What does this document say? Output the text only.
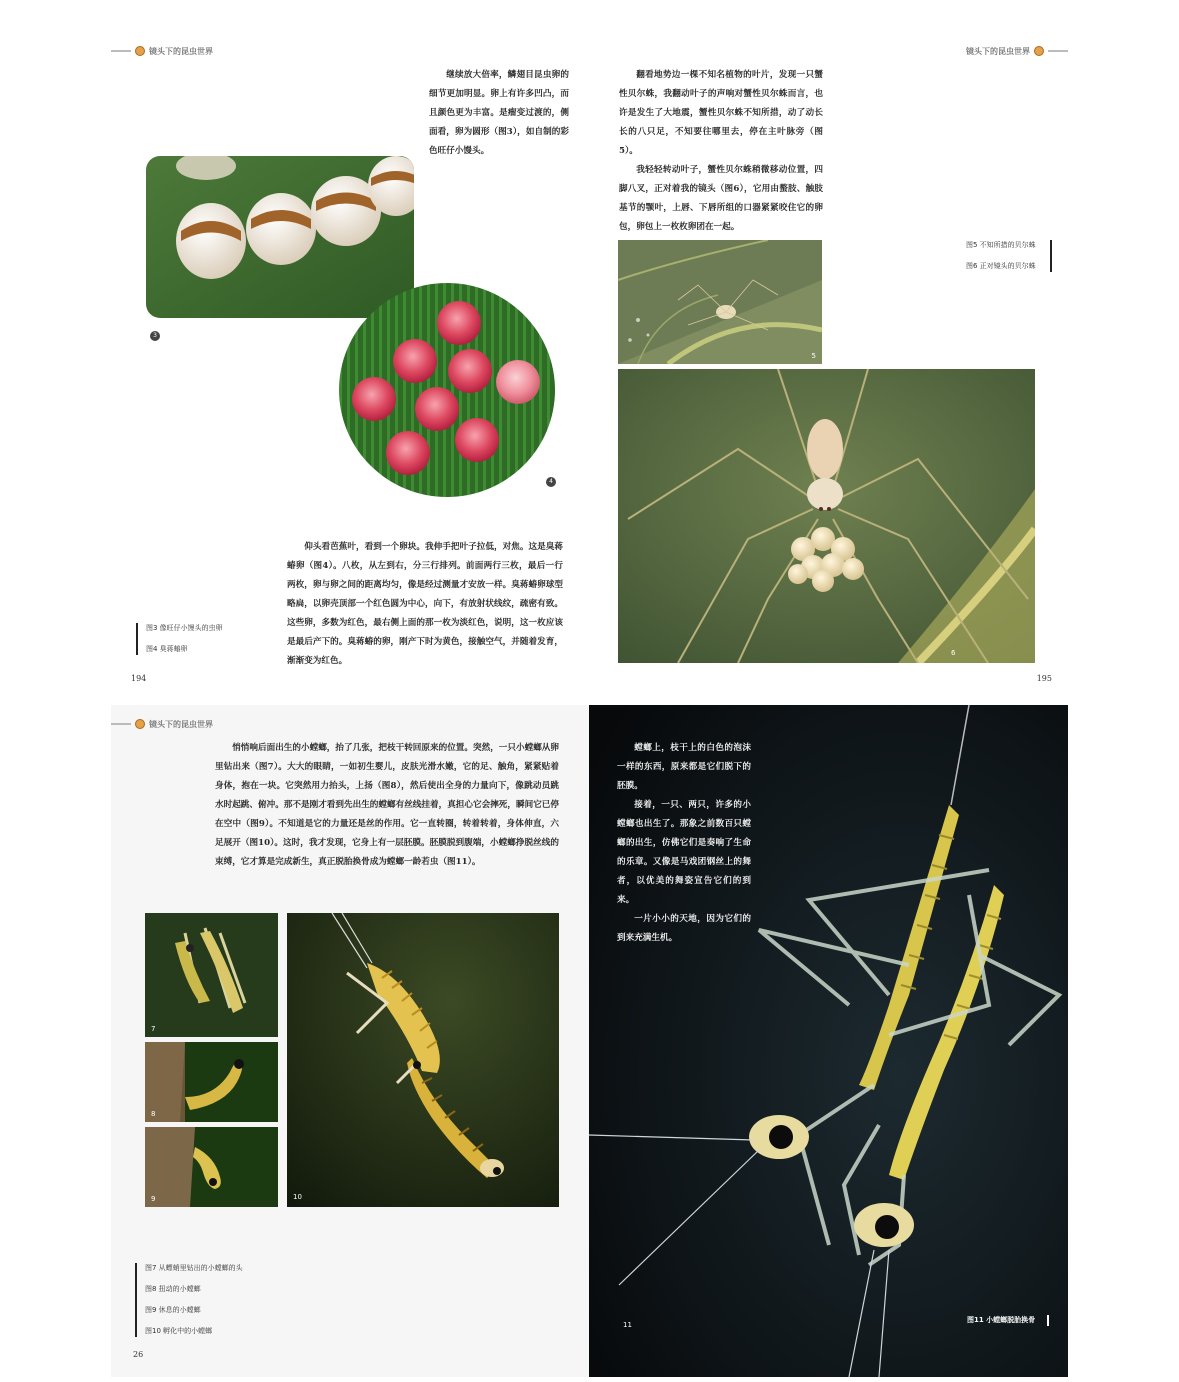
镜头下的昆虫世界	镜头下的昆虫世界

继续放大倍率，鳞翅目昆虫卵的细节更加明显。卵上有许多凹凸，而且颜色更为丰富。是瘤变过渡的，侧面看，卵为圆形（图3），如自制的彩色旺仔小馒头。

3
4

仰头看芭蕉叶，看到一个卵块。我伸手把叶子拉低，对焦。这是臭蒋蝽卵（图4）。八枚，从左到右，分三行排列。前面两行三枚，最后一行两枚，卵与卵之间的距离均匀，像是经过测量才安放一样。臭蒋蝽卵球型略扁，以卵壳顶部一个红色圆为中心，向下，有放射状线纹，疏密有致。这些卵，多数为红色，最右侧上面的那一枚为淡红色，说明，这一枚应该是最后产下的。臭蒋蝽的卵，刚产下时为黄色，接触空气，并随着发育，渐渐变为红色。

图3 像旺仔小馒头的虫卵
图4 臭蒋蝽卵
194

翻看地势边一棵不知名植物的叶片，发现一只蟹性贝尔蛛，我翻动叶子的声响对蟹性贝尔蛛而言，也许是发生了大地震，蟹性贝尔蛛不知所措，动了动长长的八只足，不知要往哪里去，停在主叶脉旁（图5）。

我轻轻转动叶子，蟹性贝尔蛛稍微移动位置，四脚八叉，正对着我的镜头（图6），它用由螯肢、触肢基节的颚叶，上唇、下唇所组的口器紧紧咬住它的卵包，卵包上一枚枚卵团在一起。

5
图5 不知所措的贝尔蛛
图6 正对镜头的贝尔蛛
6
195
镜头下的昆虫世界

悄悄响后面出生的小螳螂，抬了几张，把枝干转回原来的位置。突然，一只小螳螂从卵里钻出来（图7）。大大的眼睛，一如初生婴儿，皮肤光滑水嫩，它的足、触角，紧紧贴着身体，抱在一块。它突然用力抬头，上扬（图8），然后使出全身的力量向下，像跳动员跳水时起跳、俯冲。那不是刚才看到先出生的螳螂有丝线挂着，真担心它会摔死，瞬间它已停在空中（图9）。不知道是它的力量还是丝的作用。它一直转圈，转着转着，身体伸直，六足展开（图10）。这时，我才发现，它身上有一层胚膜。胚膜脱到腹端，小螳螂挣脱丝线的束缚，它才算是完成新生，真正脱胎换骨成为螳螂一龄若虫（图11）。

7
8
9	10
图7 从螵蛸里钻出的小螳螂的头
图8 扭动的小螳螂
图9 休息的小螳螂
图10 孵化中的小螳螂
26

螳螂上，枝干上的白色的泡沫一样的东西，原来都是它们脱下的胚膜。

接着，一只、两只，许多的小螳螂也出生了。那象之前数百只螳螂的出生，仿佛它们是奏响了生命的乐章。又像是马戏团钢丝上的舞者，以优美的舞姿宣告它们的到来。

一片小小的天地，因为它们的到来充满生机。

11
图11 小螳螂脱胎换骨
